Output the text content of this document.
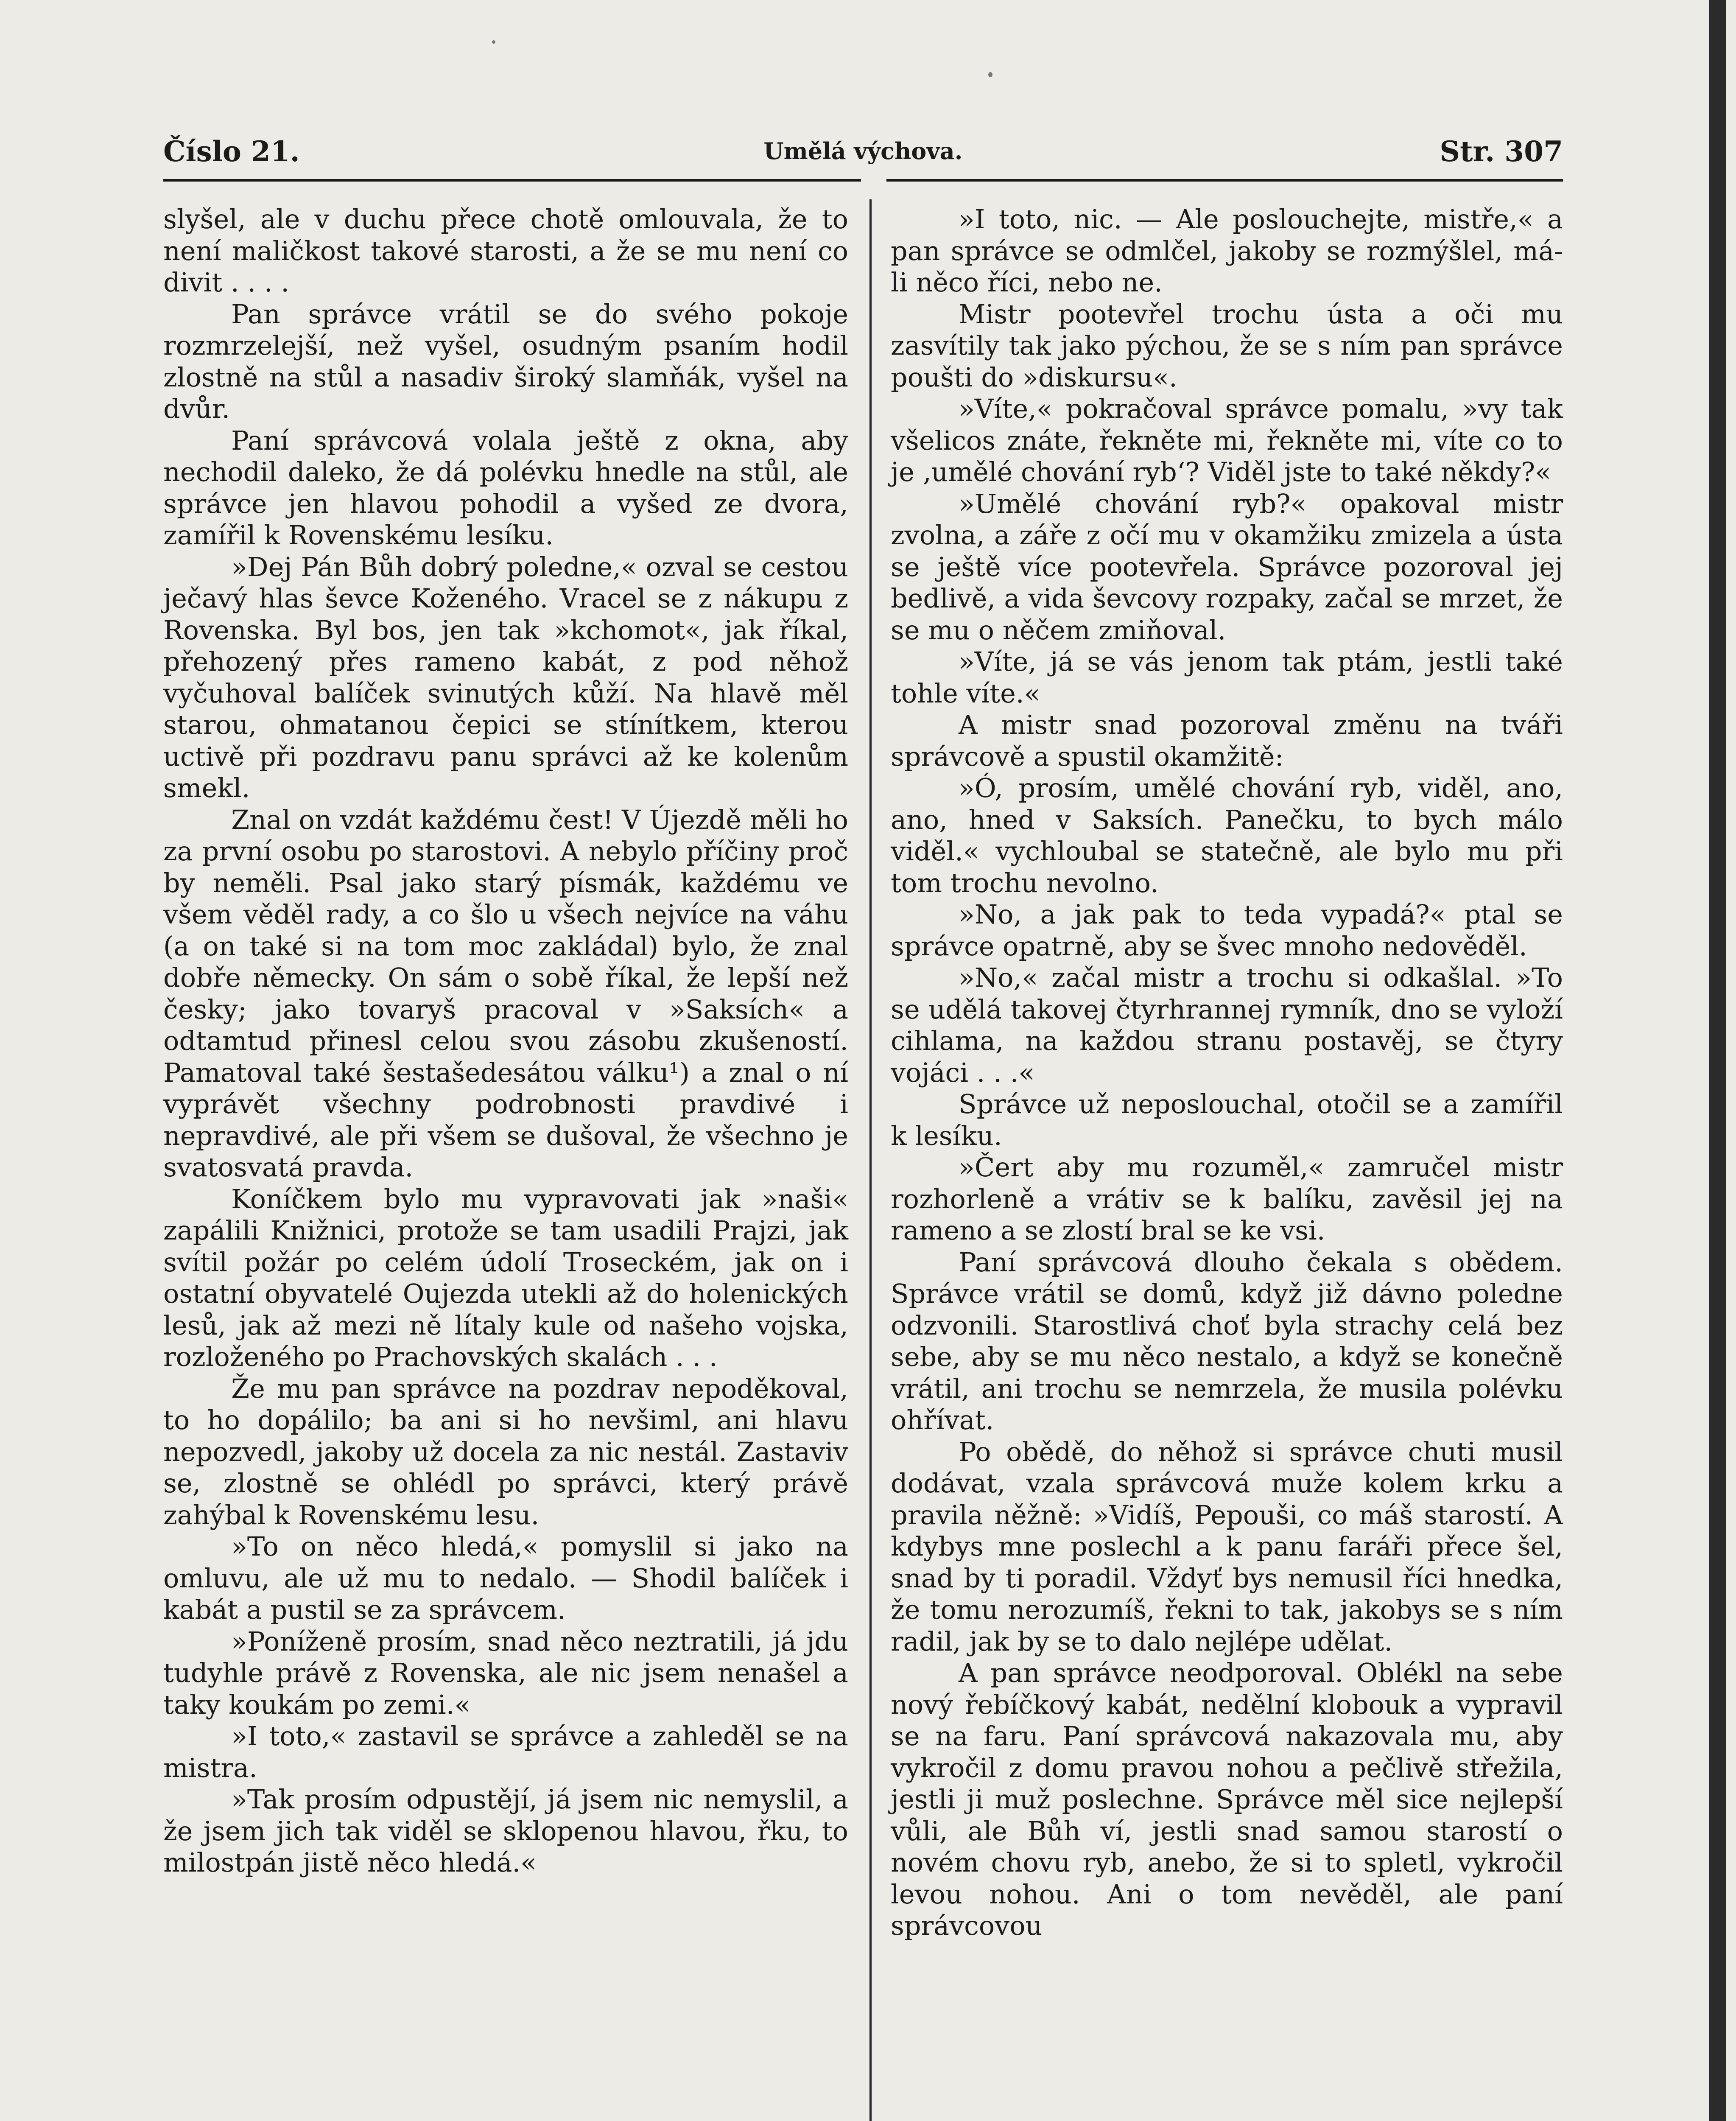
Číslo 21.	Umělá výchova.	Str. 307

slyšel, ale v duchu přece chotě omlouvala, že to není maličkost takové starosti, a že se mu není co divit . . . .

Pan správce vrátil se do svého pokoje rozmrzelejší, než vyšel, osudným psaním hodil zlostně na stůl a nasadiv široký slamňák, vyšel na dvůr.

Paní správcová volala ještě z okna, aby nechodil daleko, že dá polévku hnedle na stůl, ale správce jen hlavou pohodil a vyšed ze dvora, zamířil k Rovenskému lesíku.

»Dej Pán Bůh dobrý poledne,« ozval se cestou ječavý hlas ševce Koženého. Vracel se z nákupu z Rovenska. Byl bos, jen tak »kchomot«, jak říkal, přehozený přes rameno kabát, z pod něhož vyčuhoval balíček svinutých kůží. Na hlavě měl starou, ohmatanou čepici se stínítkem, kterou uctivě při pozdravu panu správci až ke kolenům smekl.

Znal on vzdát každému čest! V Újezdě měli ho za první osobu po starostovi. A nebylo příčiny proč by neměli. Psal jako starý písmák, každému ve všem věděl rady, a co šlo u všech nejvíce na váhu (a on také si na tom moc zakládal) bylo, že znal dobře německy. On sám o sobě říkal, že lepší než česky; jako tovaryš pracoval v »Saksích« a odtamtud přinesl celou svou zásobu zkušeností. Pamatoval také šestašedesátou válku¹) a znal o ní vyprávět všechny podrobnosti pravdivé i nepravdivé, ale při všem se dušoval, že všechno je svatosvatá pravda.

Koníčkem bylo mu vypravovati jak »naši« zapálili Knižnici, protože se tam usadili Prajzi, jak svítil požár po celém údolí Troseckém, jak on i ostatní obyvatelé Oujezda utekli až do holenických lesů, jak až mezi ně lítaly kule od našeho vojska, rozloženého po Prachovských skalách . . .

Že mu pan správce na pozdrav nepoděkoval, to ho dopálilo; ba ani si ho nevšiml, ani hlavu nepozvedl, jakoby už docela za nic nestál. Zastaviv se, zlostně se ohlédl po správci, který právě zahýbal k Rovenskému lesu.

»To on něco hledá,« pomyslil si jako na omluvu, ale už mu to nedalo. — Shodil balíček i kabát a pustil se za správcem.

»Poníženě prosím, snad něco neztratili, já jdu tudyhle právě z Rovenska, ale nic jsem nenašel a taky koukám po zemi.«

»I toto,« zastavil se správce a zahleděl se na mistra.

»Tak prosím odpustějí, já jsem nic nemyslil, a že jsem jich tak viděl se sklopenou hlavou, řku, to milostpán jistě něco hledá.«

»I toto, nic. — Ale poslouchejte, mistře,« a pan správce se odmlčel, jakoby se rozmýšlel, má-li něco říci, nebo ne.

Mistr pootevřel trochu ústa a oči mu zasvítily tak jako pýchou, že se s ním pan správce poušti do »diskursu«.

»Víte,« pokračoval správce pomalu, »vy tak všelicos znáte, řekněte mi, řekněte mi, víte co to je ‚umělé chování ryb‘? Viděl jste to také někdy?«

»Umělé chování ryb?« opakoval mistr zvolna, a záře z očí mu v okamžiku zmizela a ústa se ještě více pootevřela. Správce pozoroval jej bedlivě, a vida ševcovy rozpaky, začal se mrzet, že se mu o něčem zmiňoval.

»Víte, já se vás jenom tak ptám, jestli také tohle víte.«

A mistr snad pozoroval změnu na tváři správcově a spustil okamžitě:

»Ó, prosím, umělé chování ryb, viděl, ano, ano, hned v Saksích. Panečku, to bych málo viděl.« vychloubal se statečně, ale bylo mu při tom trochu nevolno.

»No, a jak pak to teda vypadá?« ptal se správce opatrně, aby se švec mnoho nedověděl.

»No,« začal mistr a trochu si odkašlal. »To se udělá takovej čtyrhrannej rymník, dno se vyloží cihlama, na každou stranu postavěj, se čtyry vojáci . . .«

Správce už neposlouchal, otočil se a zamířil k lesíku.

»Čert aby mu rozuměl,« zamručel mistr rozhorleně a vrátiv se k balíku, zavěsil jej na rameno a se zlostí bral se ke vsi.

Paní správcová dlouho čekala s obědem. Správce vrátil se domů, když již dávno poledne odzvonili. Starostlivá choť byla strachy celá bez sebe, aby se mu něco nestalo, a když se konečně vrátil, ani trochu se nemrzela, že musila polévku ohřívat.

Po obědě, do něhož si správce chuti musil dodávat, vzala správcová muže kolem krku a pravila něžně: »Vidíš, Pepouši, co máš starostí. A kdybys mne poslechl a k panu faráři přece šel, snad by ti poradil. Vždyť bys nemusil říci hnedka, že tomu nerozumíš, řekni to tak, jakobys se s ním radil, jak by se to dalo nejlépe udělat.

A pan správce neodporoval. Oblékl na sebe nový řebíčkový kabát, nedělní klobouk a vypravil se na faru. Paní správcová nakazovala mu, aby vykročil z domu pravou nohou a pečlivě střežila, jestli ji muž poslechne. Správce měl sice nejlepší vůli, ale Bůh ví, jestli snad samou starostí o novém chovu ryb, anebo, že si to spletl, vykročil levou nohou. Ani o tom nevěděl, ale paní správcovou
